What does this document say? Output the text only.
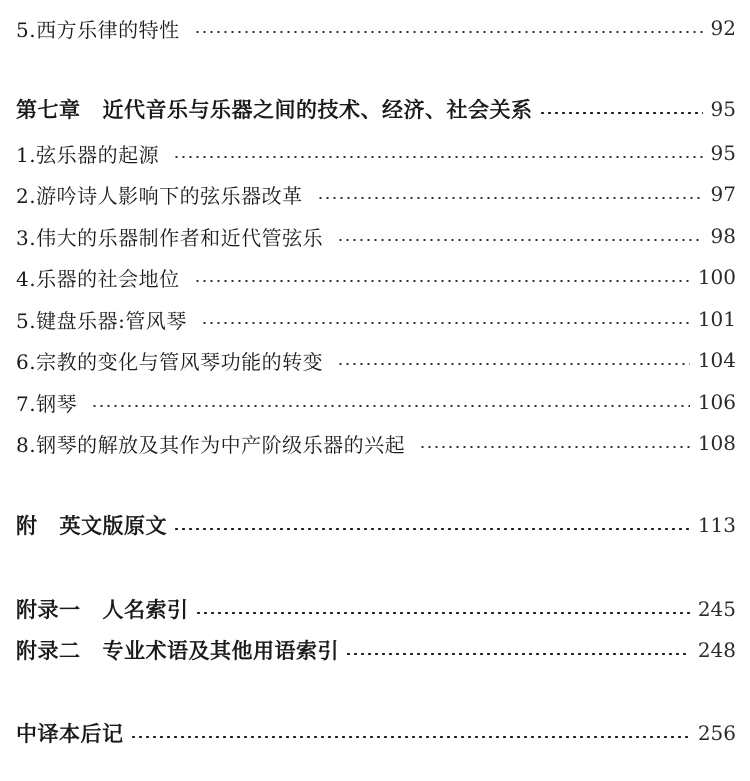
5.西方乐律的特性	92
第七章 近代音乐与乐器之间的技术、经济、社会关系	95
1.弦乐器的起源	95
2.游吟诗人影响下的弦乐器改革	97
3.伟大的乐器制作者和近代管弦乐	98
4.乐器的社会地位	100
5.键盘乐器:管风琴	101
6.宗教的变化与管风琴功能的转变	104
7.钢琴	106
8.钢琴的解放及其作为中产阶级乐器的兴起	108
附 英文版原文	113
附录一 人名索引	245
附录二 专业术语及其他用语索引	248
中译本后记	256
